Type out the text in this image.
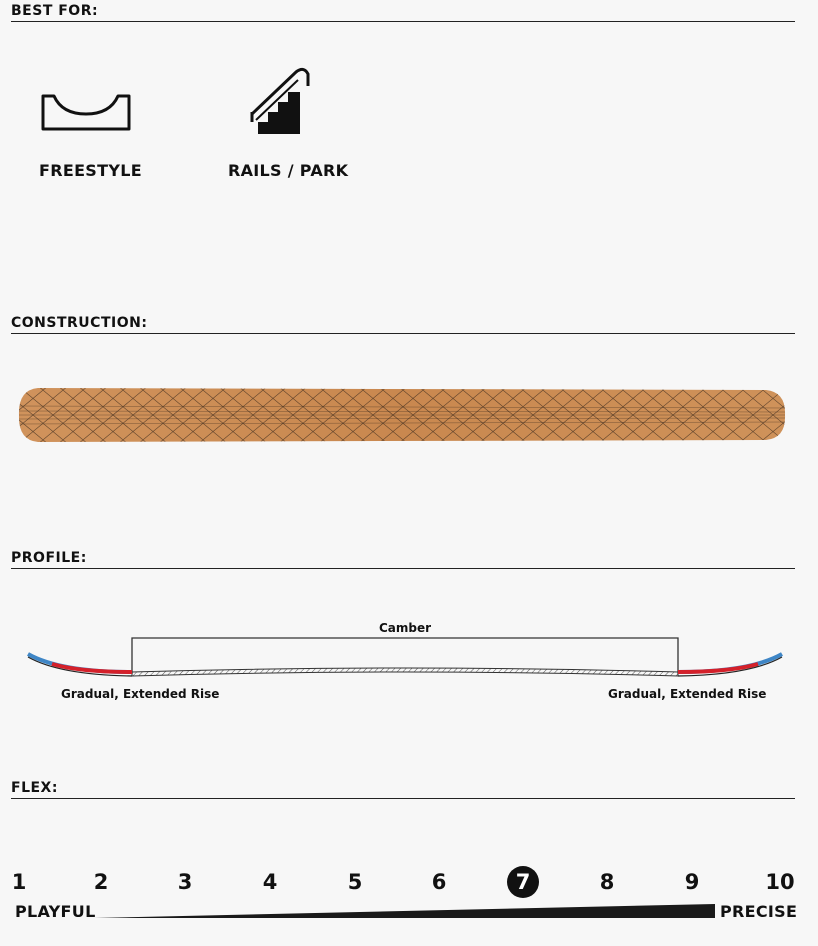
BEST FOR:
FREESTYLE	RAILS / PARK
CONSTRUCTION:
PROFILE:
Camber
Gradual, Extended Rise	Gradual, Extended Rise
FLEX:
1	2	3	4	5	6	7	8	9	10
PLAYFUL	PRECISE
